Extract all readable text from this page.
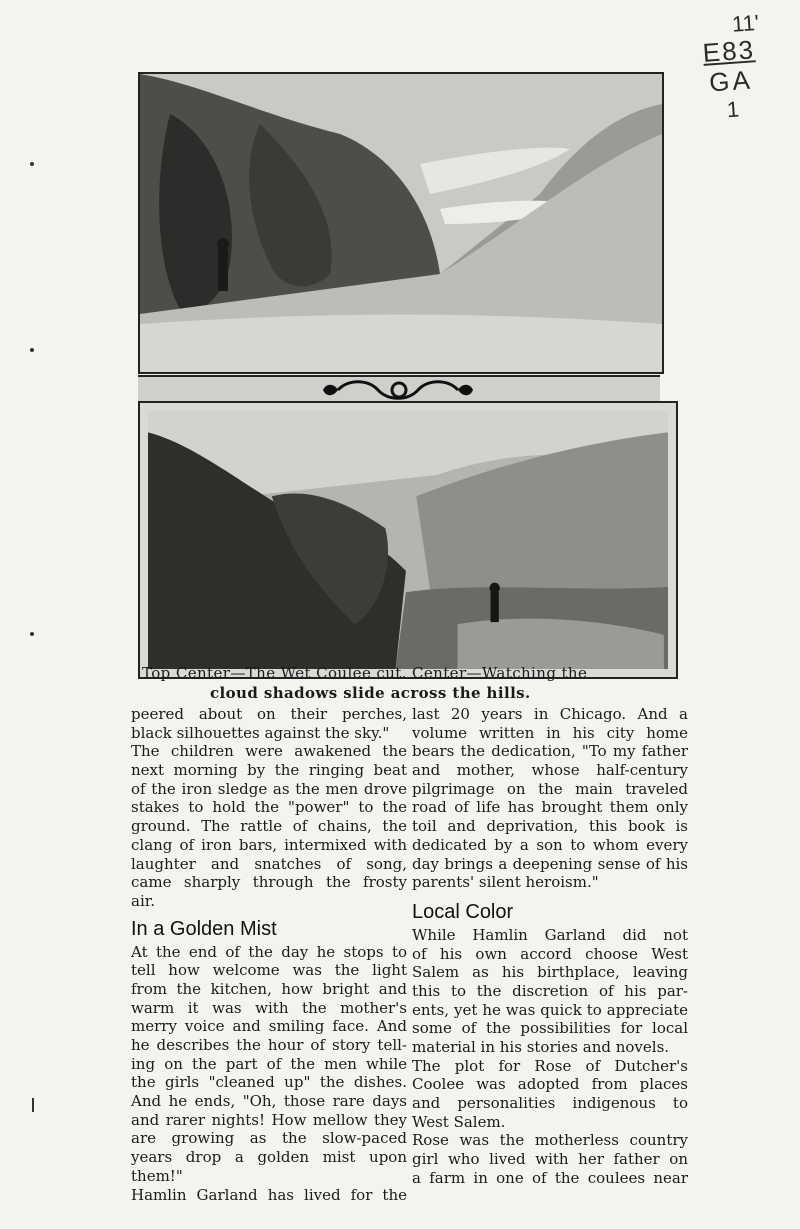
11'
E83
GA
1
Top Center—The Wet Coulee cut. Center—Watching the
cloud shadows slide across the hills.

peered about on their perches,
black silhouettes against the sky."

The children were awakened the
next morning by the ringing beat
of the iron sledge as the men drove
stakes to hold the "power" to the
ground. The rattle of chains, the
clang of iron bars, intermixed with
laughter and snatches of song,
came sharply through the frosty
air.

In a Golden Mist

At the end of the day he stops to
tell how welcome was the light
from the kitchen, how bright and
warm it was with the mother's
merry voice and smiling face. And
he describes the hour of story tell-
ing on the part of the men while
the girls "cleaned up" the dishes.
And he ends, "Oh, those rare days
and rarer nights! How mellow they
are growing as the slow-paced
years drop a golden mist upon
them!"

Hamlin Garland has lived for the

last 20 years in Chicago. And a
volume written in his city home
bears the dedication, "To my father
and mother, whose half-century
pilgrimage on the main traveled
road of life has brought them only
toil and deprivation, this book is
dedicated by a son to whom every
day brings a deepening sense of his
parents' silent heroism."

Local Color

While Hamlin Garland did not
of his own accord choose West
Salem as his birthplace, leaving
this to the discretion of his par-
ents, yet he was quick to appreciate
some of the possibilities for local
material in his stories and novels.

The plot for Rose of Dutcher's
Coolee was adopted from places
and personalities indigenous to
West Salem.

Rose was the motherless country
girl who lived with her father on
a farm in one of the coulees near
